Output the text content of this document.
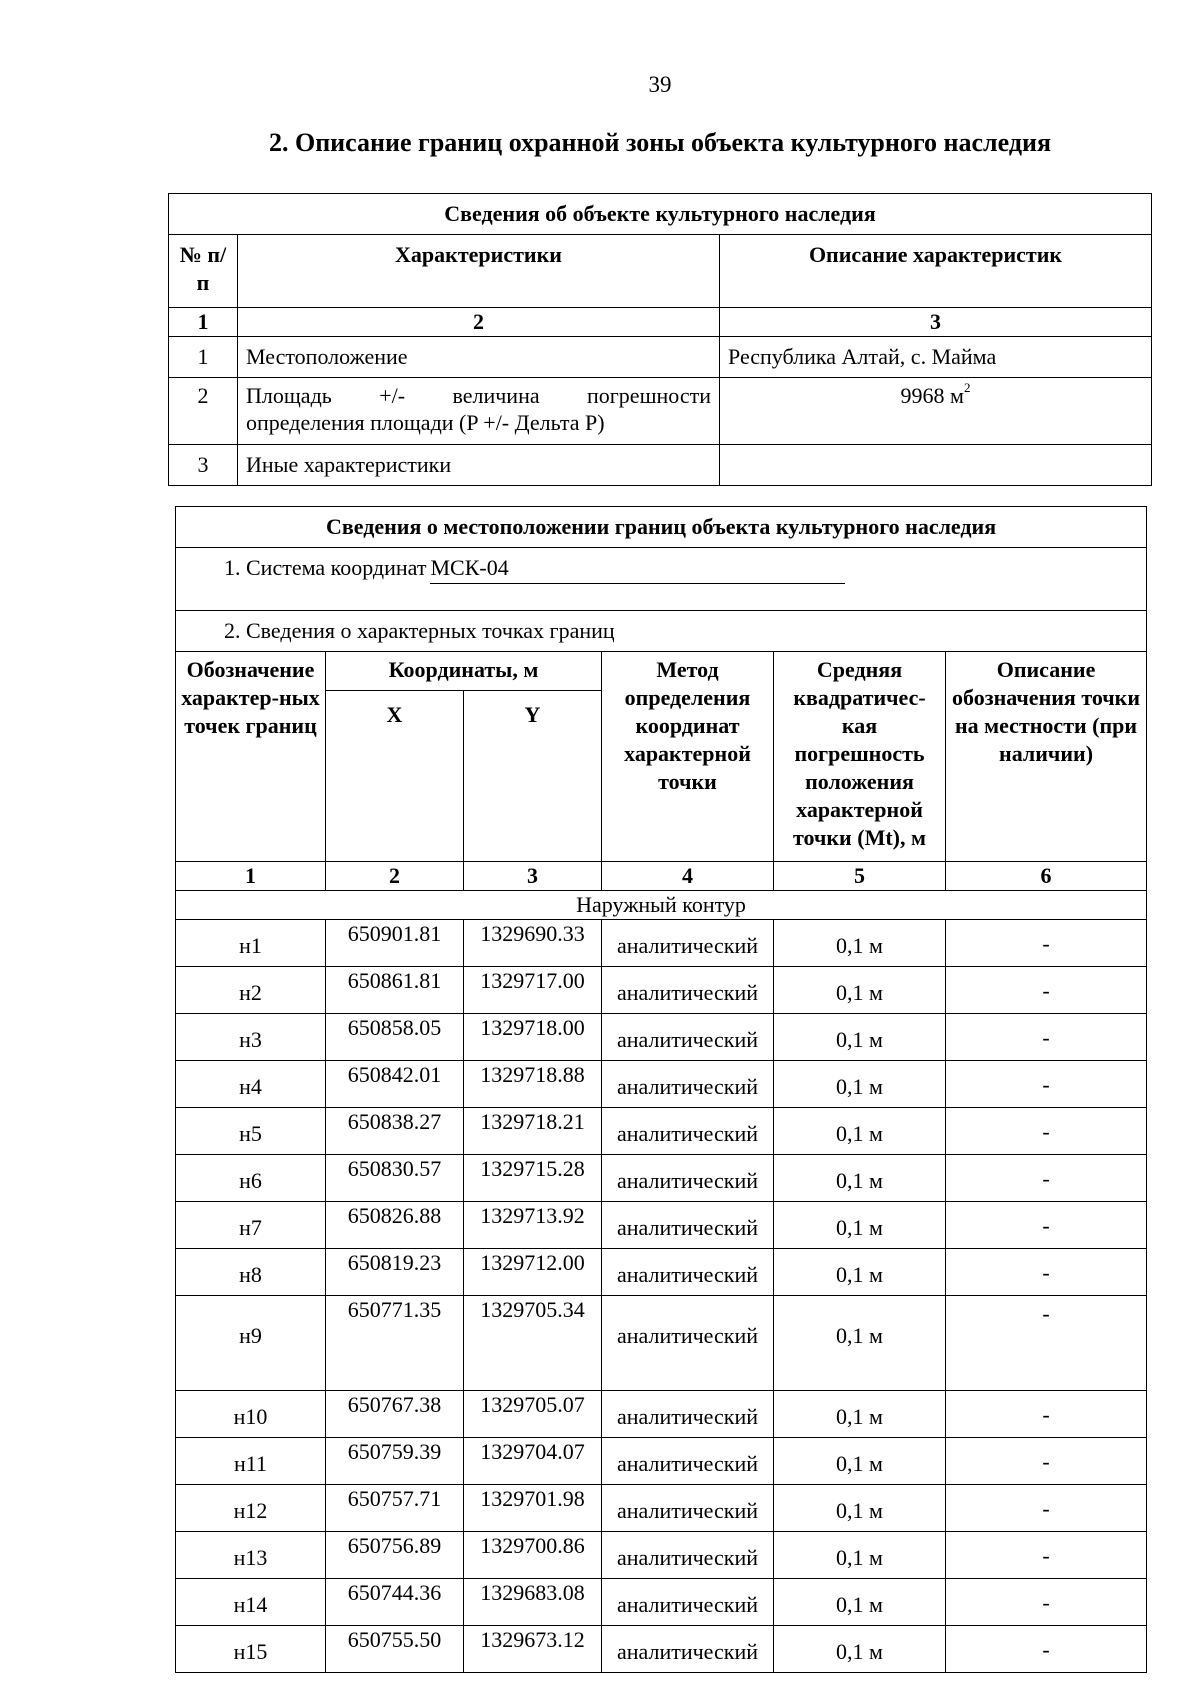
39
2. Описание границ охранной зоны объекта культурного наследия
Сведения об объекте культурного наследия		
№ п/п	Характеристики	Описание характеристик
1	2	3
1	Местоположение	Республика Алтай, с. Майма
2	Площадь +/- величина погрешности
определения площади (P +/- Дельта P)	9968 $м^2$
3	Иные характеристики	
Сведения о местоположении границ объекта культурного наследия					
1. Система координат МСК-04					
2. Сведения о характерных точках границ					
Обозначение характер-ных точек границ	Координаты, м		Метод определения координат характерной точки	Средняя квадратичес-кая погрешность положения характерной точки (Mt), м	Описание обозначения точки на местности (при наличии)
	X	Y			
1	2	3	4	5	6
Наружный контур					
н1	650901.81	1329690.33	аналитический	0,1 м	-
н2	650861.81	1329717.00	аналитический	0,1 м	-
н3	650858.05	1329718.00	аналитический	0,1 м	-
н4	650842.01	1329718.88	аналитический	0,1 м	-
н5	650838.27	1329718.21	аналитический	0,1 м	-
н6	650830.57	1329715.28	аналитический	0,1 м	-
н7	650826.88	1329713.92	аналитический	0,1 м	-
н8	650819.23	1329712.00	аналитический	0,1 м	-
н9	650771.35	1329705.34	аналитический	0,1 м	-
н10	650767.38	1329705.07	аналитический	0,1 м	-
н11	650759.39	1329704.07	аналитический	0,1 м	-
н12	650757.71	1329701.98	аналитический	0,1 м	-
н13	650756.89	1329700.86	аналитический	0,1 м	-
н14	650744.36	1329683.08	аналитический	0,1 м	-
н15	650755.50	1329673.12	аналитический	0,1 м	-
